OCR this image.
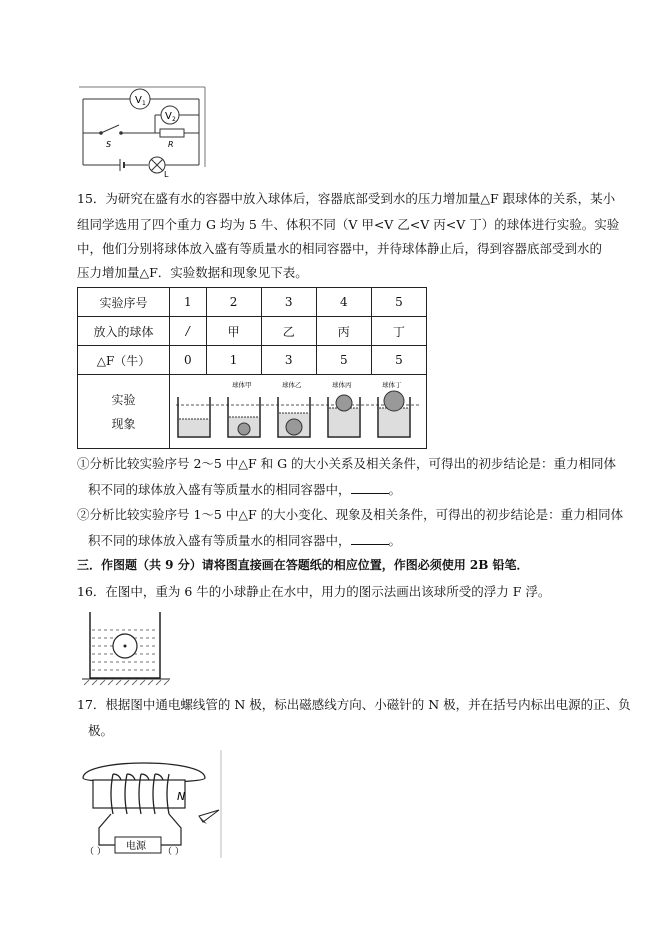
V 1
V 2
S	R
L
15．为研究在盛有水的容器中放入球体后，容器底部受到水的压力增加量△F 跟球体的关系，某小
组同学选用了四个重力 G 均为 5 牛、体积不同（V 甲<V 乙<V 丙<V 丁）的球体进行实验。实验
中，他们分别将球体放入盛有等质量水的相同容器中，并待球体静止后，得到容器底部受到水的
压力增加量△F．实验数据和现象见下表。
实验序号	1	2	3	4	5
放入的球体	/	甲	乙	丙	丁
△F（牛）	0	1	3	5	5
实验
现象	球体甲 球体乙 球体丙 球体丁				
①分析比较实验序号 2～5 中△F 和 G 的大小关系及相关条件，可得出的初步结论是：重力相同体
积不同的球体放入盛有等质量水的相同容器中，	。
②分析比较实验序号 1～5 中△F 的大小变化、现象及相关条件，可得出的初步结论是：重力相同体
积不同的球体放入盛有等质量水的相同容器中，	。
三．作图题（共 9 分）请将图直接画在答题纸的相应位置，作图必须使用 2B 铅笔．
16．在图中，重为 6 牛的小球静止在水中，用力的图示法画出该球所受的浮力 F 浮。
17．根据图中通电螺线管的 N 极，标出磁感线方向、小磁针的 N 极，并在括号内标出电源的正、负
极。
N
电源
（ ）	（ ）
